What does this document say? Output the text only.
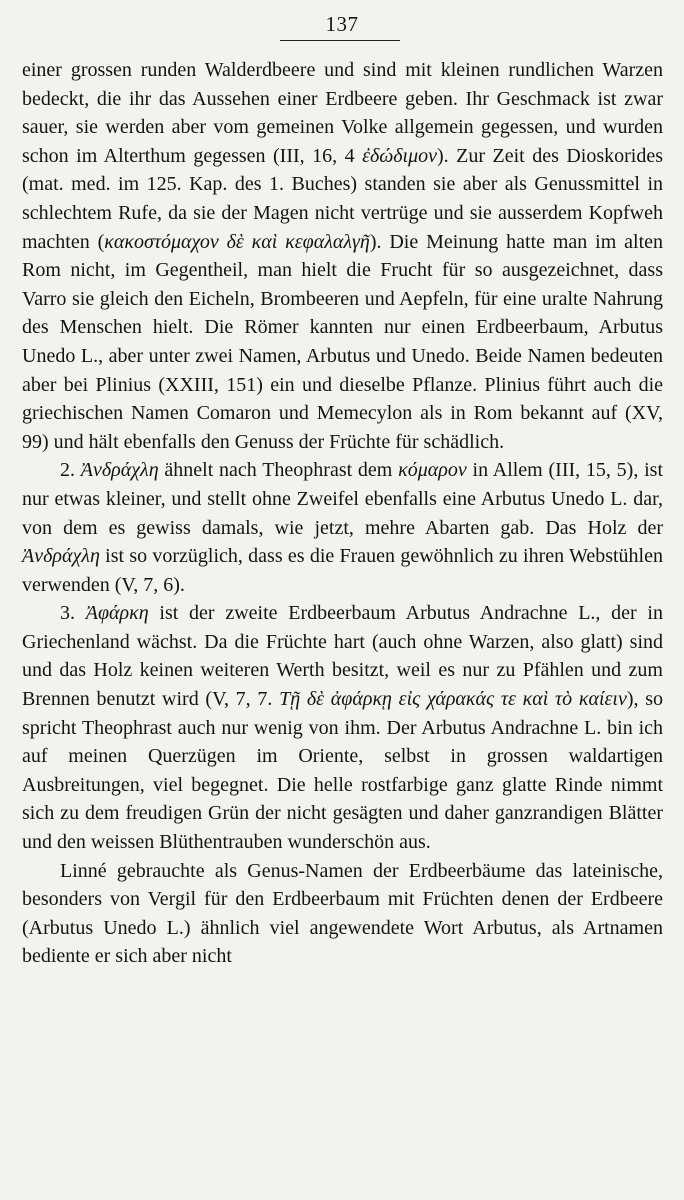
137

einer grossen runden Walderdbeere und sind mit kleinen rundlichen Warzen bedeckt, die ihr das Aussehen einer Erdbeere geben. Ihr Geschmack ist zwar sauer, sie werden aber vom gemeinen Volke allgemein gegessen, und wurden schon im Alterthum gegessen (III, 16, 4 ἐδώδιμον). Zur Zeit des Dioskorides (mat. med. im 125. Kap. des 1. Buches) standen sie aber als Genussmittel in schlechtem Rufe, da sie der Magen nicht vertrüge und sie ausserdem Kopfweh machten (κακοστόμαχον δὲ καὶ κεφαλαλγῆ). Die Meinung hatte man im alten Rom nicht, im Gegentheil, man hielt die Frucht für so ausgezeichnet, dass Varro sie gleich den Eicheln, Brombeeren und Aepfeln, für eine uralte Nahrung des Menschen hielt. Die Römer kannten nur einen Erdbeerbaum, Arbutus Unedo L., aber unter zwei Namen, Arbutus und Unedo. Beide Namen bedeuten aber bei Plinius (XXIII, 151) ein und dieselbe Pflanze. Plinius führt auch die griechischen Namen Comaron und Memecylon als in Rom bekannt auf (XV, 99) und hält ebenfalls den Genuss der Früchte für schädlich.

2. Ἀνδράχλη ähnelt nach Theophrast dem κόμαρον in Allem (III, 15, 5), ist nur etwas kleiner, und stellt ohne Zweifel ebenfalls eine Arbutus Unedo L. dar, von dem es gewiss damals, wie jetzt, mehre Abarten gab. Das Holz der Ἀνδράχλη ist so vorzüglich, dass es die Frauen gewöhnlich zu ihren Webstühlen verwenden (V, 7, 6).

3. Ἀφάρκη ist der zweite Erdbeerbaum Arbutus Andrachne L., der in Griechenland wächst. Da die Früchte hart (auch ohne Warzen, also glatt) sind und das Holz keinen weiteren Werth besitzt, weil es nur zu Pfählen und zum Brennen benutzt wird (V, 7, 7. Τῇ δὲ ἀφάρκῃ εἰς χάρακάς τε καὶ τὸ καίειν), so spricht Theophrast auch nur wenig von ihm. Der Arbutus Andrachne L. bin ich auf meinen Querzügen im Oriente, selbst in grossen waldartigen Ausbreitungen, viel begegnet. Die helle rostfarbige ganz glatte Rinde nimmt sich zu dem freudigen Grün der nicht gesägten und daher ganzrandigen Blätter und den weissen Blüthentrauben wunderschön aus.

Linné gebrauchte als Genus-Namen der Erdbeerbäume das lateinische, besonders von Vergil für den Erdbeerbaum mit Früchten denen der Erdbeere (Arbutus Unedo L.) ähnlich viel angewendete Wort Arbutus, als Artnamen bediente er sich aber nicht
